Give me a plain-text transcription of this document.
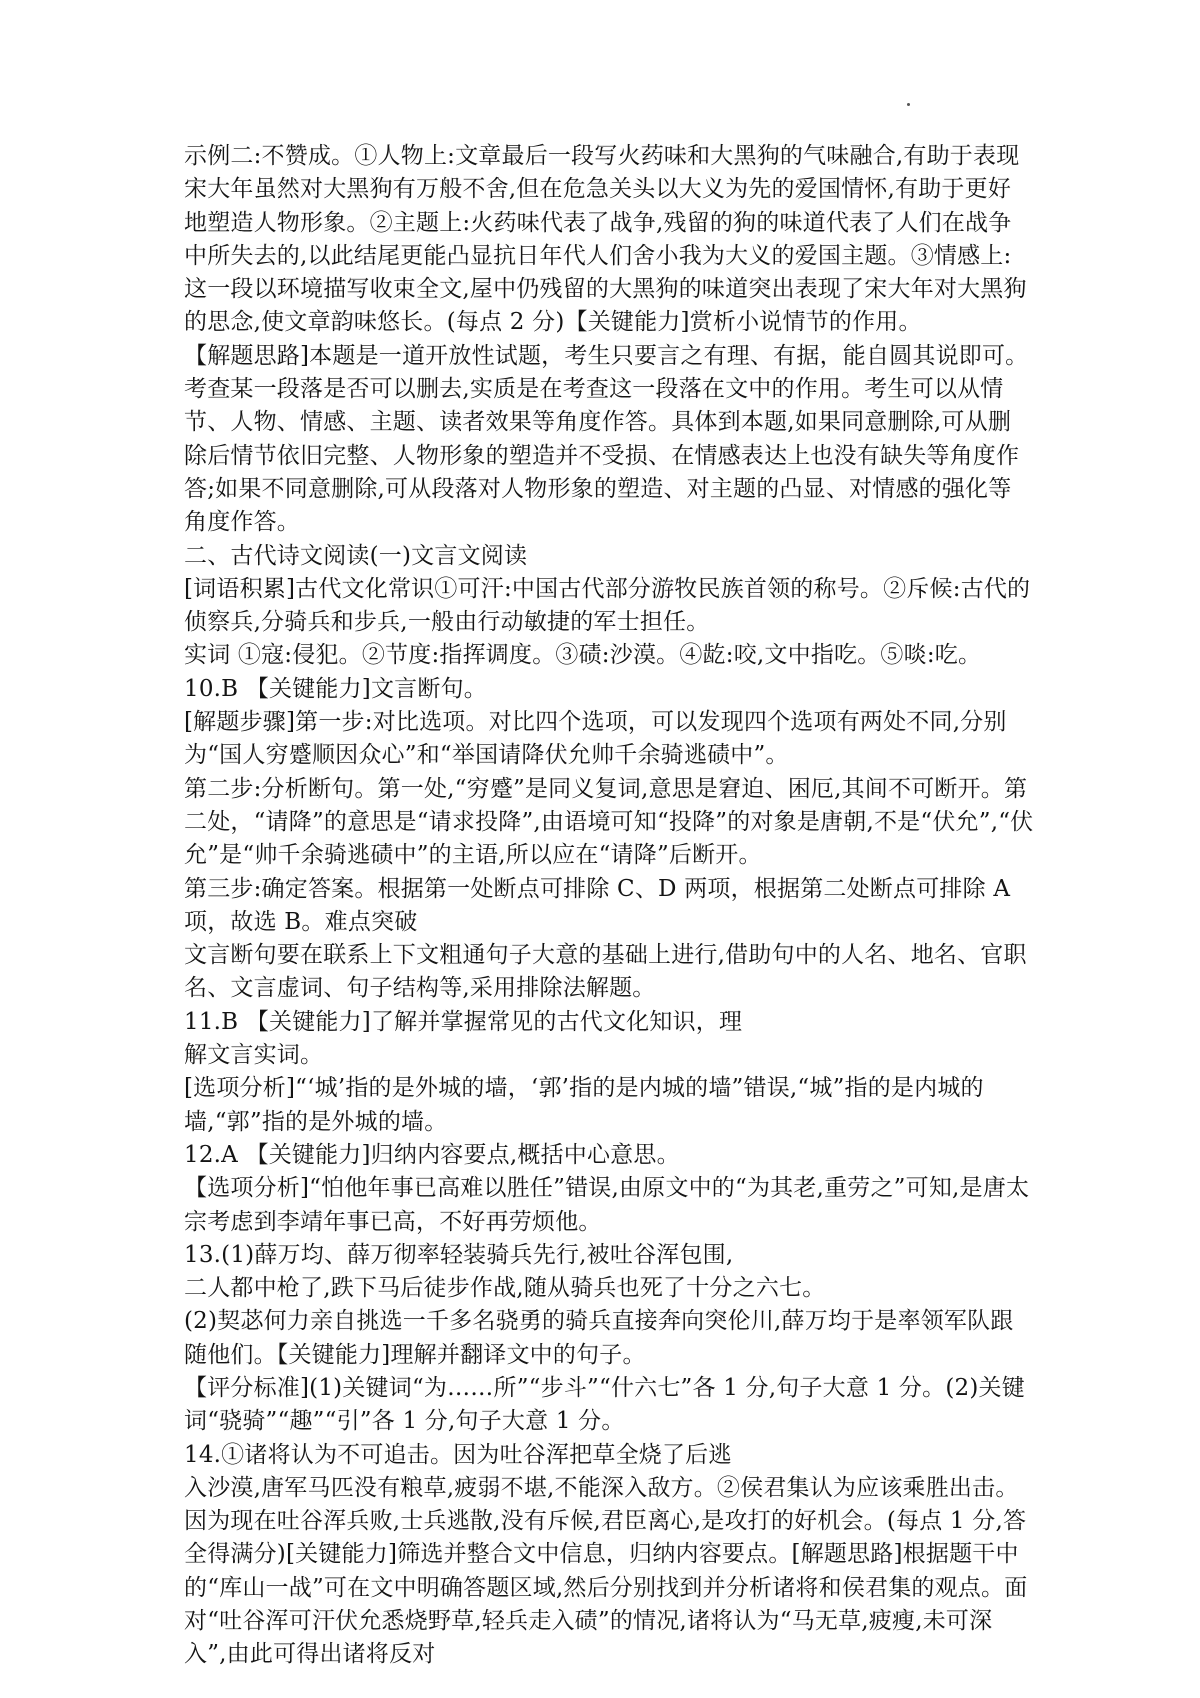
示例二:不赞成。①人物上:文章最后一段写火药味和大黑狗的气味融合,有助于表现宋大年虽然对大黑狗有万般不舍,但在危急关头以大义为先的爱国情怀,有助于更好地塑造人物形象。②主题上:火药味代表了战争,残留的狗的味道代表了人们在战争中所失去的,以此结尾更能凸显抗日年代人们舍小我为大义的爱国主题。③情感上:这一段以环境描写收束全文,屋中仍残留的大黑狗的味道突出表现了宋大年对大黑狗的思念,使文章韵味悠长。(每点 2 分)【关键能力]赏析小说情节的作用。

【解题思路]本题是一道开放性试题，考生只要言之有理、有据，能自圆其说即可。考查某一段落是否可以删去,实质是在考查这一段落在文中的作用。考生可以从情节、人物、情感、主题、读者效果等角度作答。具体到本题,如果同意删除,可从删除后情节依旧完整、人物形象的塑造并不受损、在情感表达上也没有缺失等角度作答;如果不同意删除,可从段落对人物形象的塑造、对主题的凸显、对情感的强化等角度作答。

二、古代诗文阅读(一)文言文阅读

[词语积累]古代文化常识①可汗:中国古代部分游牧民族首领的称号。②斥候:古代的侦察兵,分骑兵和步兵,一般由行动敏捷的军士担任。

实词 ①寇:侵犯。②节度:指挥调度。③碛:沙漠。④龁:咬,文中指吃。⑤啖:吃。10.B 【关键能力]文言断句。

[解题步骤]第一步:对比选项。对比四个选项，可以发现四个选项有两处不同,分别为“国人穷蹙顺因众心”和“举国请降伏允帅千余骑逃碛中”。

第二步:分析断句。第一处,“穷蹙”是同义复词,意思是窘迫、困厄,其间不可断开。第二处，“请降”的意思是“请求投降”,由语境可知“投降”的对象是唐朝,不是“伏允”,“伏允”是“帅千余骑逃碛中”的主语,所以应在“请降”后断开。

第三步:确定答案。根据第一处断点可排除 C、D 两项，根据第二处断点可排除 A 项，故选 B。难点突破

文言断句要在联系上下文粗通句子大意的基础上进行,借助句中的人名、地名、官职名、文言虚词、句子结构等,采用排除法解题。

11.B 【关键能力]了解并掌握常见的古代文化知识，理

解文言实词。

[选项分析]“‘城’指的是外城的墙，‘郭’指的是内城的墙”错误,“城”指的是内城的墙,“郭”指的是外城的墙。

12.A 【关键能力]归纳内容要点,概括中心意思。

【选项分析]“怕他年事已高难以胜任”错误,由原文中的“为其老,重劳之”可知,是唐太宗考虑到李靖年事已高，不好再劳烦他。

13.(1)薛万均、薛万彻率轻装骑兵先行,被吐谷浑包围,

二人都中枪了,跌下马后徒步作战,随从骑兵也死了十分之六七。

(2)契苾何力亲自挑选一千多名骁勇的骑兵直接奔向突伦川,薛万均于是率领军队跟随他们。【关键能力]理解并翻译文中的句子。

【评分标准](1)关键词“为……所”“步斗”“什六七”各 1 分,句子大意 1 分。(2)关键词“骁骑”“趣”“引”各 1 分,句子大意 1 分。

14.①诸将认为不可追击。因为吐谷浑把草全烧了后逃

入沙漠,唐军马匹没有粮草,疲弱不堪,不能深入敌方。②侯君集认为应该乘胜出击。因为现在吐谷浑兵败,士兵逃散,没有斥候,君臣离心,是攻打的好机会。(每点 1 分,答全得满分)[关键能力]筛选并整合文中信息，归纳内容要点。[解题思路]根据题干中的“库山一战”可在文中明确答题区域,然后分别找到并分析诸将和侯君集的观点。面对“吐谷浑可汗伏允悉烧野草,轻兵走入碛”的情况,诸将认为“马无草,疲瘦,未可深入”,由此可得出诸将反对
